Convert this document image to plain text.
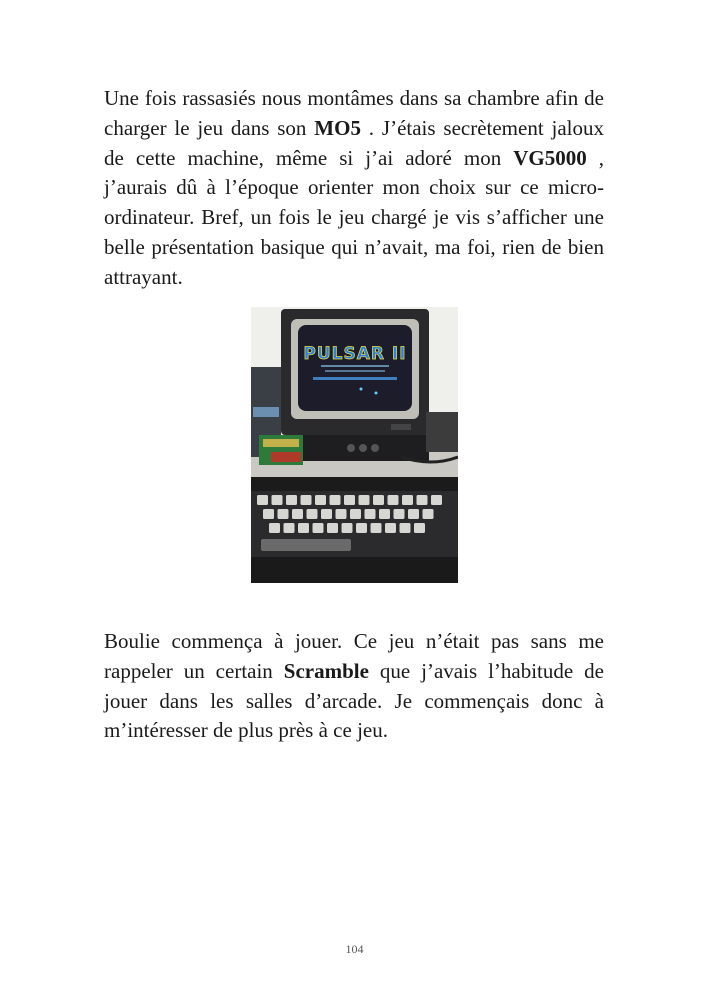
Une fois rassasiés nous montâmes dans sa chambre afin de charger le jeu dans son MO5 . J’étais secrètement jaloux de cette machine, même si j’ai adoré mon VG5000 , j’aurais dû à l’époque orienter mon choix sur ce micro-ordinateur. Bref, un fois le jeu chargé je vis s’afficher une belle présentation basique qui n’avait, ma foi, rien de bien attrayant.

PULSAR II

Boulie commença à jouer. Ce jeu n’était pas sans me rappeler un certain Scramble que j’avais l’habitude de jouer dans les salles d’arcade. Je commençais donc à m’intéresser de plus près à ce jeu.

104
